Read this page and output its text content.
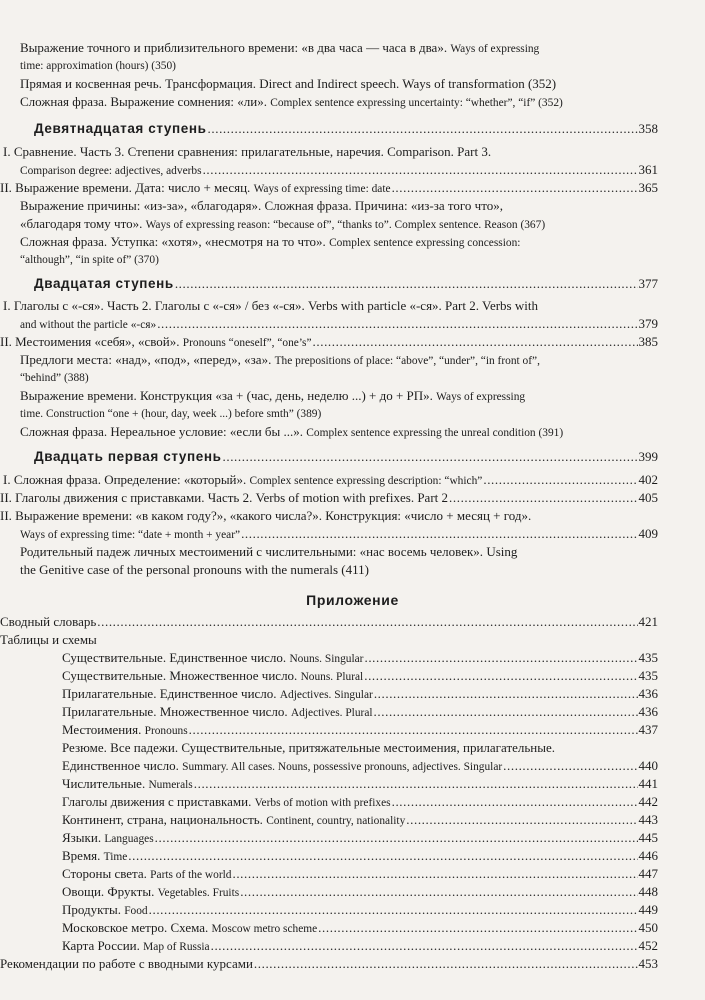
Выражение точного и приблизительного времени: «в два часа — часа в два». Ways of expressing
time: approximation (hours) (350)
Прямая и косвенная речь. Трансформация. Direct and Indirect speech. Ways of transformation (352)
Сложная фраза. Выражение сомнения: «ли». Complex sentence expressing uncertainty: “whether”, “if” (352)
Девятнадцатая ступень .....	358
I. Сравнение. Часть 3. Степени сравнения: прилагательные, наречия. Comparison. Part 3.
Comparison degree: adjectives, adverbs .....	361
II. Выражение времени. Дата: число + месяц. Ways of expressing time: date .....	365
Выражение причины: «из-за», «благодаря». Сложная фраза. Причина: «из-за того что»,
«благодаря тому что». Ways of expressing reason: “because of”, “thanks to”. Complex sentence. Reason (367)
Сложная фраза. Уступка: «хотя», «несмотря на то что». Complex sentence expressing concession:
“although”, “in spite of” (370)
Двадцатая ступень .....	377
I. Глаголы с «-ся». Часть 2. Глаголы с «-ся» / без «-ся». Verbs with particle «-ся». Part 2. Verbs with
and without the particle «-ся» .....	379
II. Местоимения «себя», «свой». Pronouns “oneself”, “one’s” .....	385
Предлоги места: «над», «под», «перед», «за». The prepositions of place: “above”, “under”, “in front of”,
“behind” (388)
Выражение времени. Конструкция «за + (час, день, неделю ...) + до + РП». Ways of expressing
time. Construction “one + (hour, day, week ...) before smth” (389)
Сложная фраза. Нереальное условие: «если бы ...». Complex sentence expressing the unreal condition (391)
Двадцать первая ступень .....	399
I. Сложная фраза. Определение: «который». Complex sentence expressing description: “which” .....	402
II. Глаголы движения с приставками. Часть 2. Verbs of motion with prefixes. Part 2 .....	405
II. Выражение времени: «в каком году?», «какого числа?». Конструкция: «число + месяц + год».
Ways of expressing time: “date + month + year” .....	409
Родительный падеж личных местоимений с числительными: «нас восемь человек». Using
the Genitive case of the personal pronouns with the numerals (411)
Приложение
Сводный словарь .....	421
Таблицы и схемы
Существительные. Единственное число. Nouns. Singular .....	435
Существительные. Множественное число. Nouns. Plural .....	435
Прилагательные. Единственное число. Adjectives. Singular .....	436
Прилагательные. Множественное число. Adjectives. Plural .....	436
Местоимения. Pronouns .....	437
Резюме. Все падежи. Существительные, притяжательные местоимения, прилагательные.
Единственное число. Summary. All cases. Nouns, possessive pronouns, adjectives. Singular .....	440
Числительные. Numerals .....	441
Глаголы движения с приставками. Verbs of motion with prefixes .....	442
Континент, страна, национальность. Continent, country, nationality .....	443
Языки. Languages .....	445
Время. Time .....	446
Стороны света. Parts of the world .....	447
Овощи. Фрукты. Vegetables. Fruits .....	448
Продукты. Food .....	449
Московское метро. Схема. Moscow metro scheme .....	450
Карта России. Map of Russia .....	452
Рекомендации по работе с вводными курсами .....	453
